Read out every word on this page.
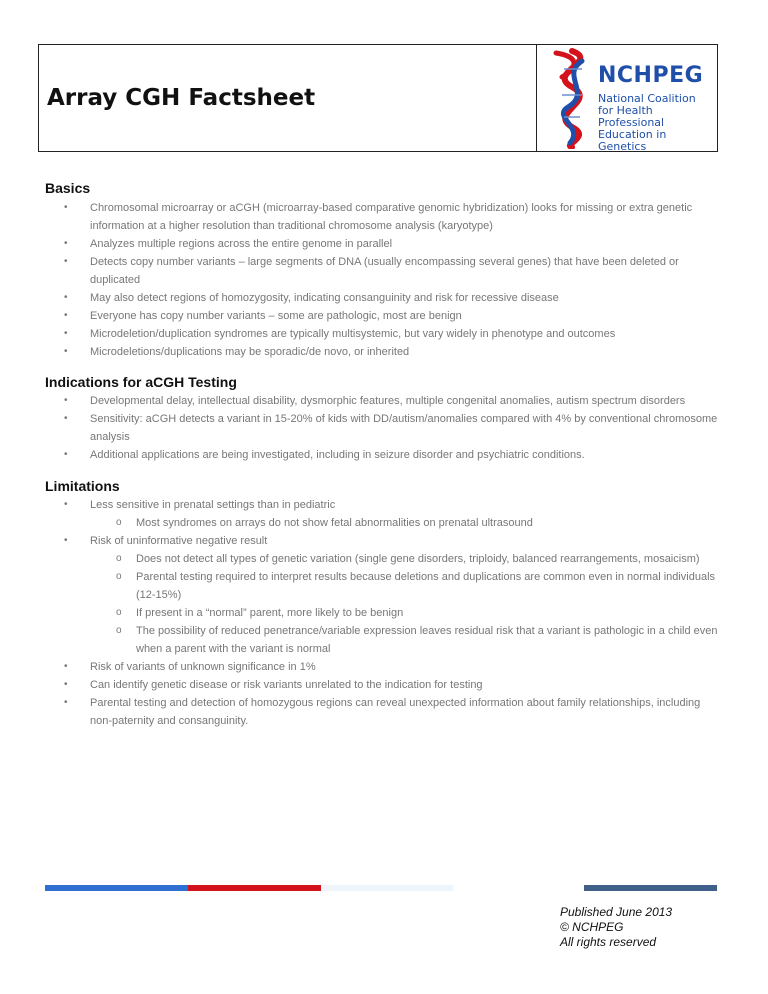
Array CGH Factsheet
NCHPEG
National Coalition
for Health Professional
Education in Genetics
Basics
• Chromosomal microarray or aCGH (microarray-based comparative genomic hybridization) looks for missing or extra genetic information at a higher resolution than traditional chromosome analysis (karyotype)
• Analyzes multiple regions across the entire genome in parallel
• Detects copy number variants – large segments of DNA (usually encompassing several genes) that have been deleted or duplicated
• May also detect regions of homozygosity, indicating consanguinity and risk for recessive disease
• Everyone has copy number variants – some are pathologic, most are benign
• Microdeletion/duplication syndromes are typically multisystemic, but vary widely in phenotype and outcomes
• Microdeletions/duplications may be sporadic/de novo, or inherited
Indications for aCGH Testing
• Developmental delay, intellectual disability, dysmorphic features, multiple congenital anomalies, autism spectrum disorders
• Sensitivity: aCGH detects a variant in 15-20% of kids with DD/autism/anomalies compared with 4% by conventional chromosome analysis
• Additional applications are being investigated, including in seizure disorder and psychiatric conditions.
Limitations
• Less sensitive in prenatal settings than in pediatric
o Most syndromes on arrays do not show fetal abnormalities on prenatal ultrasound
• Risk of uninformative negative result
o Does not detect all types of genetic variation (single gene disorders, triploidy, balanced rearrangements, mosaicism)
o Parental testing required to interpret results because deletions and duplications are common even in normal individuals (12-15%)
o If present in a “normal” parent, more likely to be benign
o The possibility of reduced penetrance/variable expression leaves residual risk that a variant is pathologic in a child even when a parent with the variant is normal
• Risk of variants of unknown significance in 1%
• Can identify genetic disease or risk variants unrelated to the indication for testing
• Parental testing and detection of homozygous regions can reveal unexpected information about family relationships, including non-paternity and consanguinity.
Published June 2013
© NCHPEG
All rights reserved
